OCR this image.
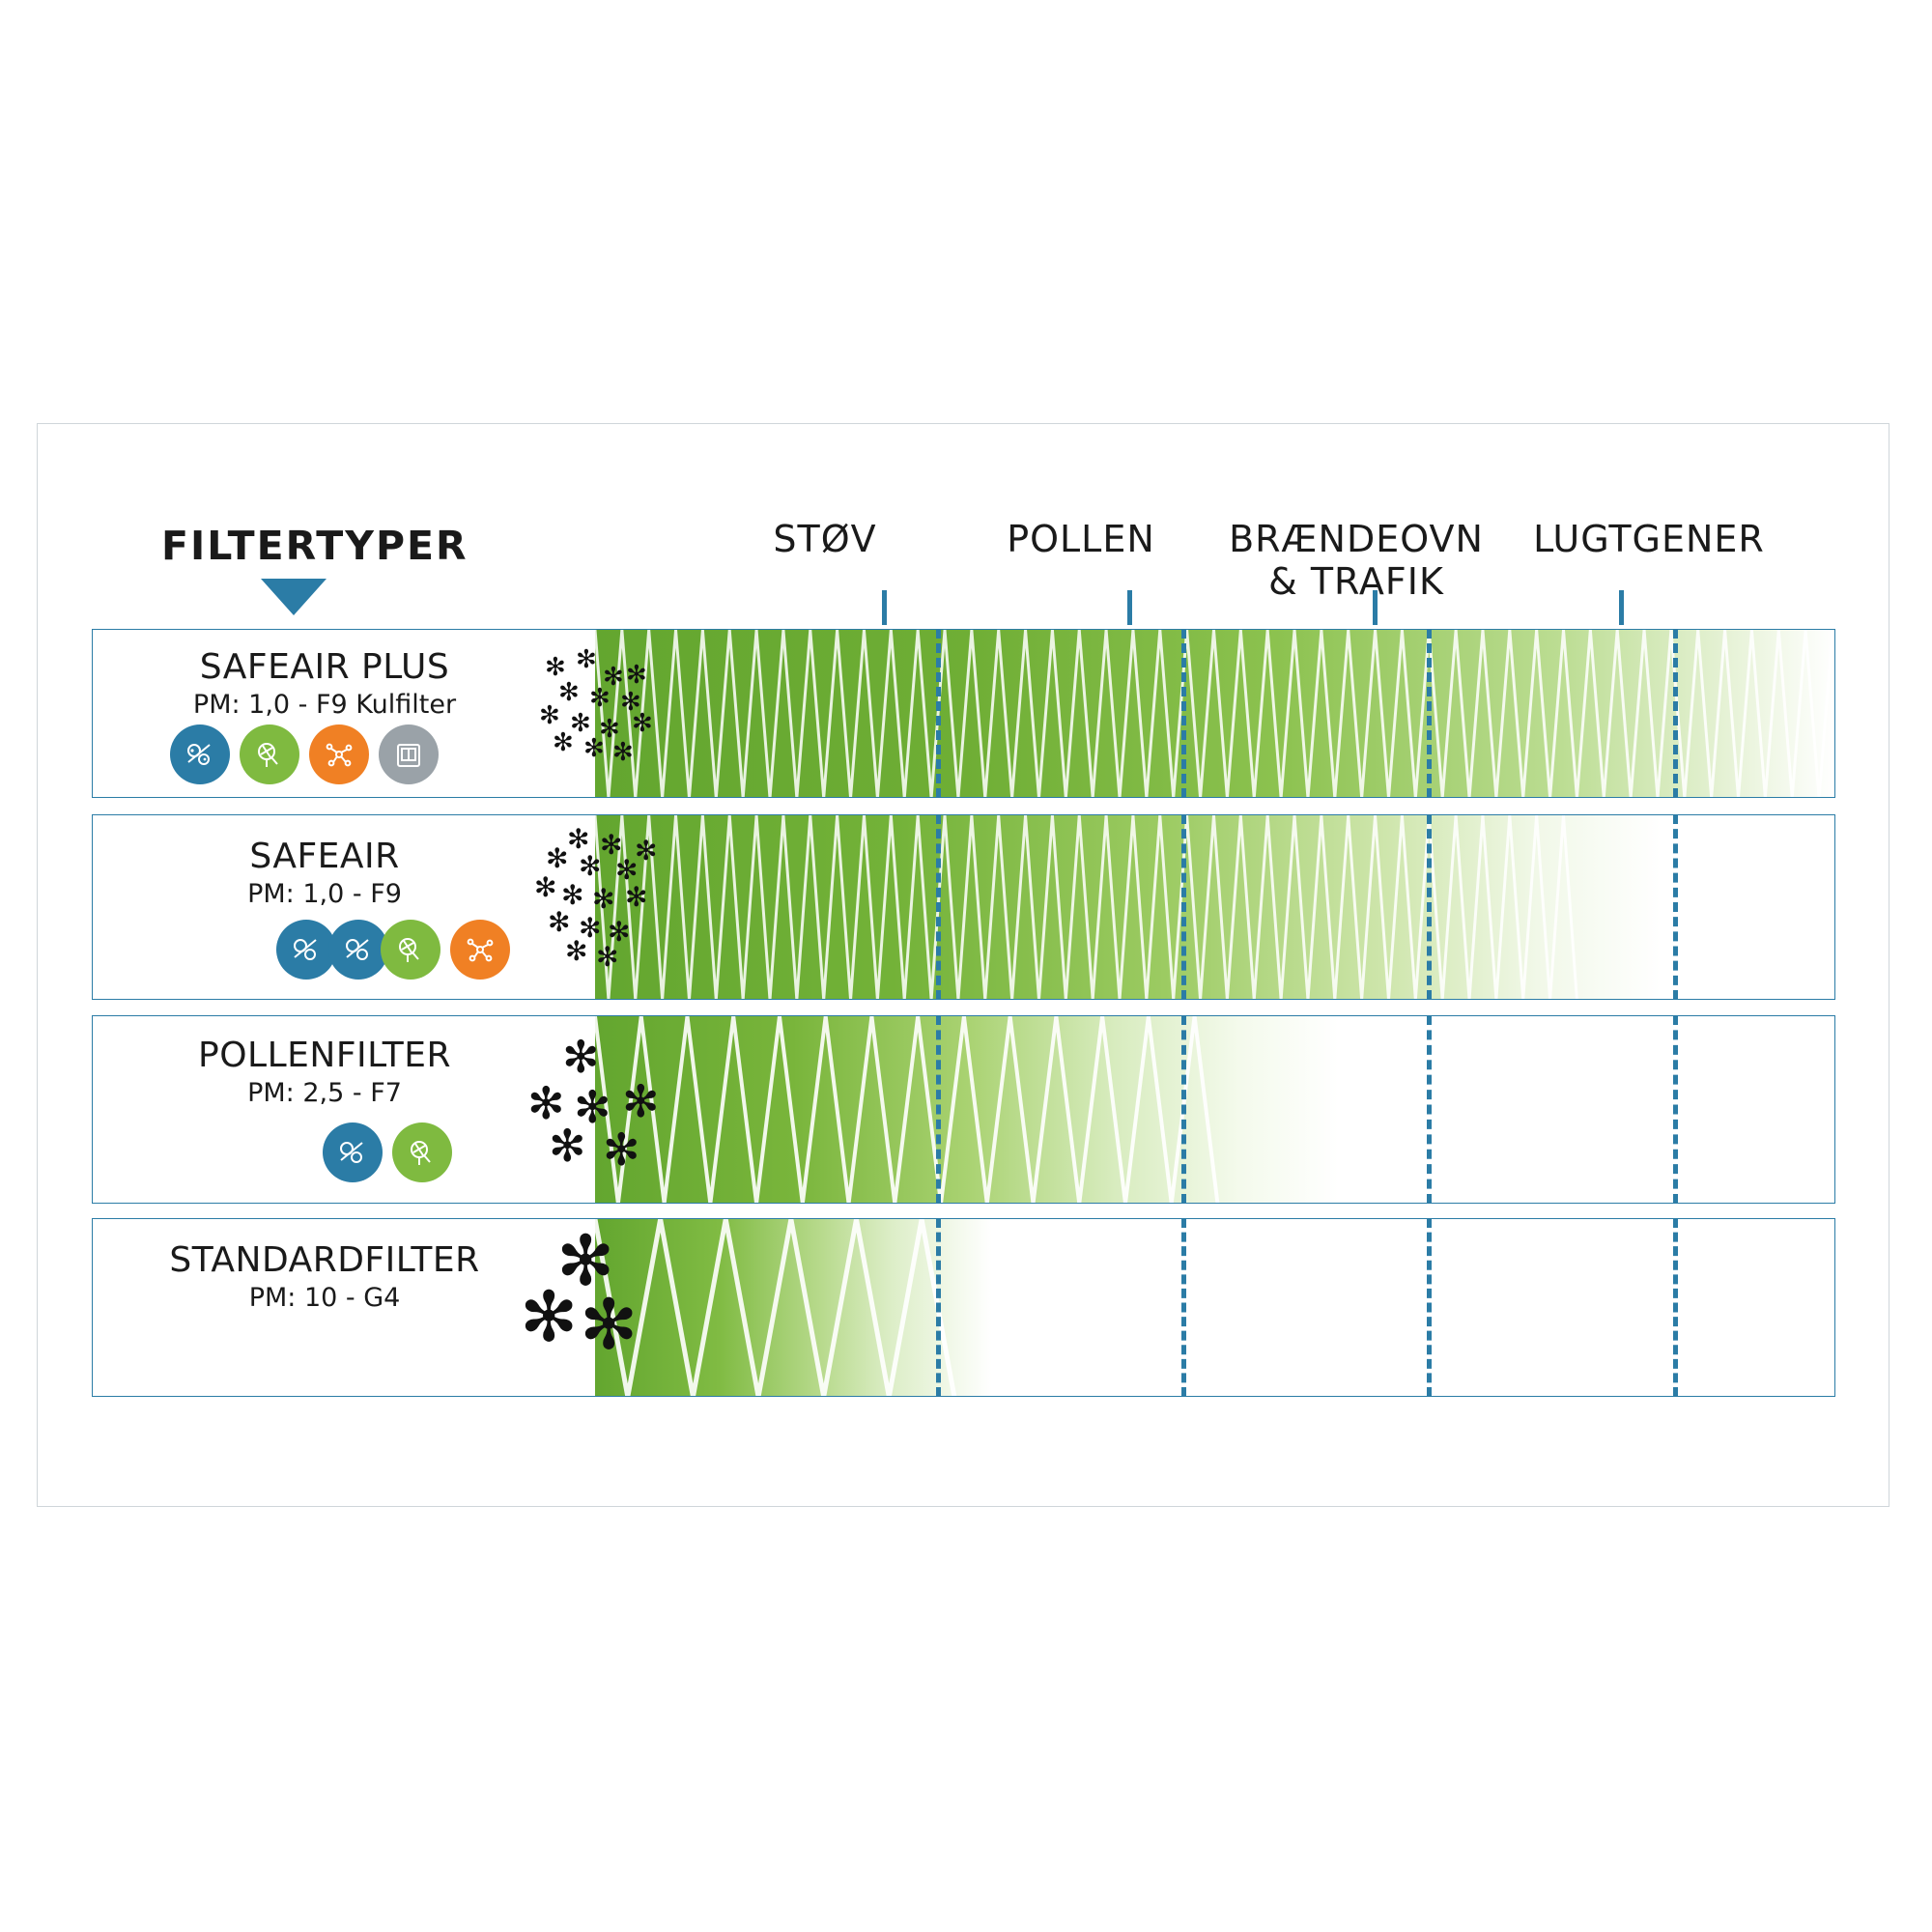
FILTERTYPER	STØV	POLLEN	BRÆNDEOVN
& TRAFIK
LUGTGENER
SAFEAIR PLUS
PM: 1,0 - F9 Kulfilter
✻ ✻
✻
✻ ✻ ✻
✻ ✻ ✻
✻
✻ ✻ ✻
✻
SAFEAIR
PM: 1,0 - F9
✻ ✻
✻ ✻ ✻
✻
✻ ✻ ✻ ✻
✻ ✻ ✻
✻ ✻
POLLENFILTER
PM: 2,5 - F7
✻
✻ ✻ ✻
✻ ✻
STANDARDFILTER
PM: 10 - G4	✻
✻ ✻
